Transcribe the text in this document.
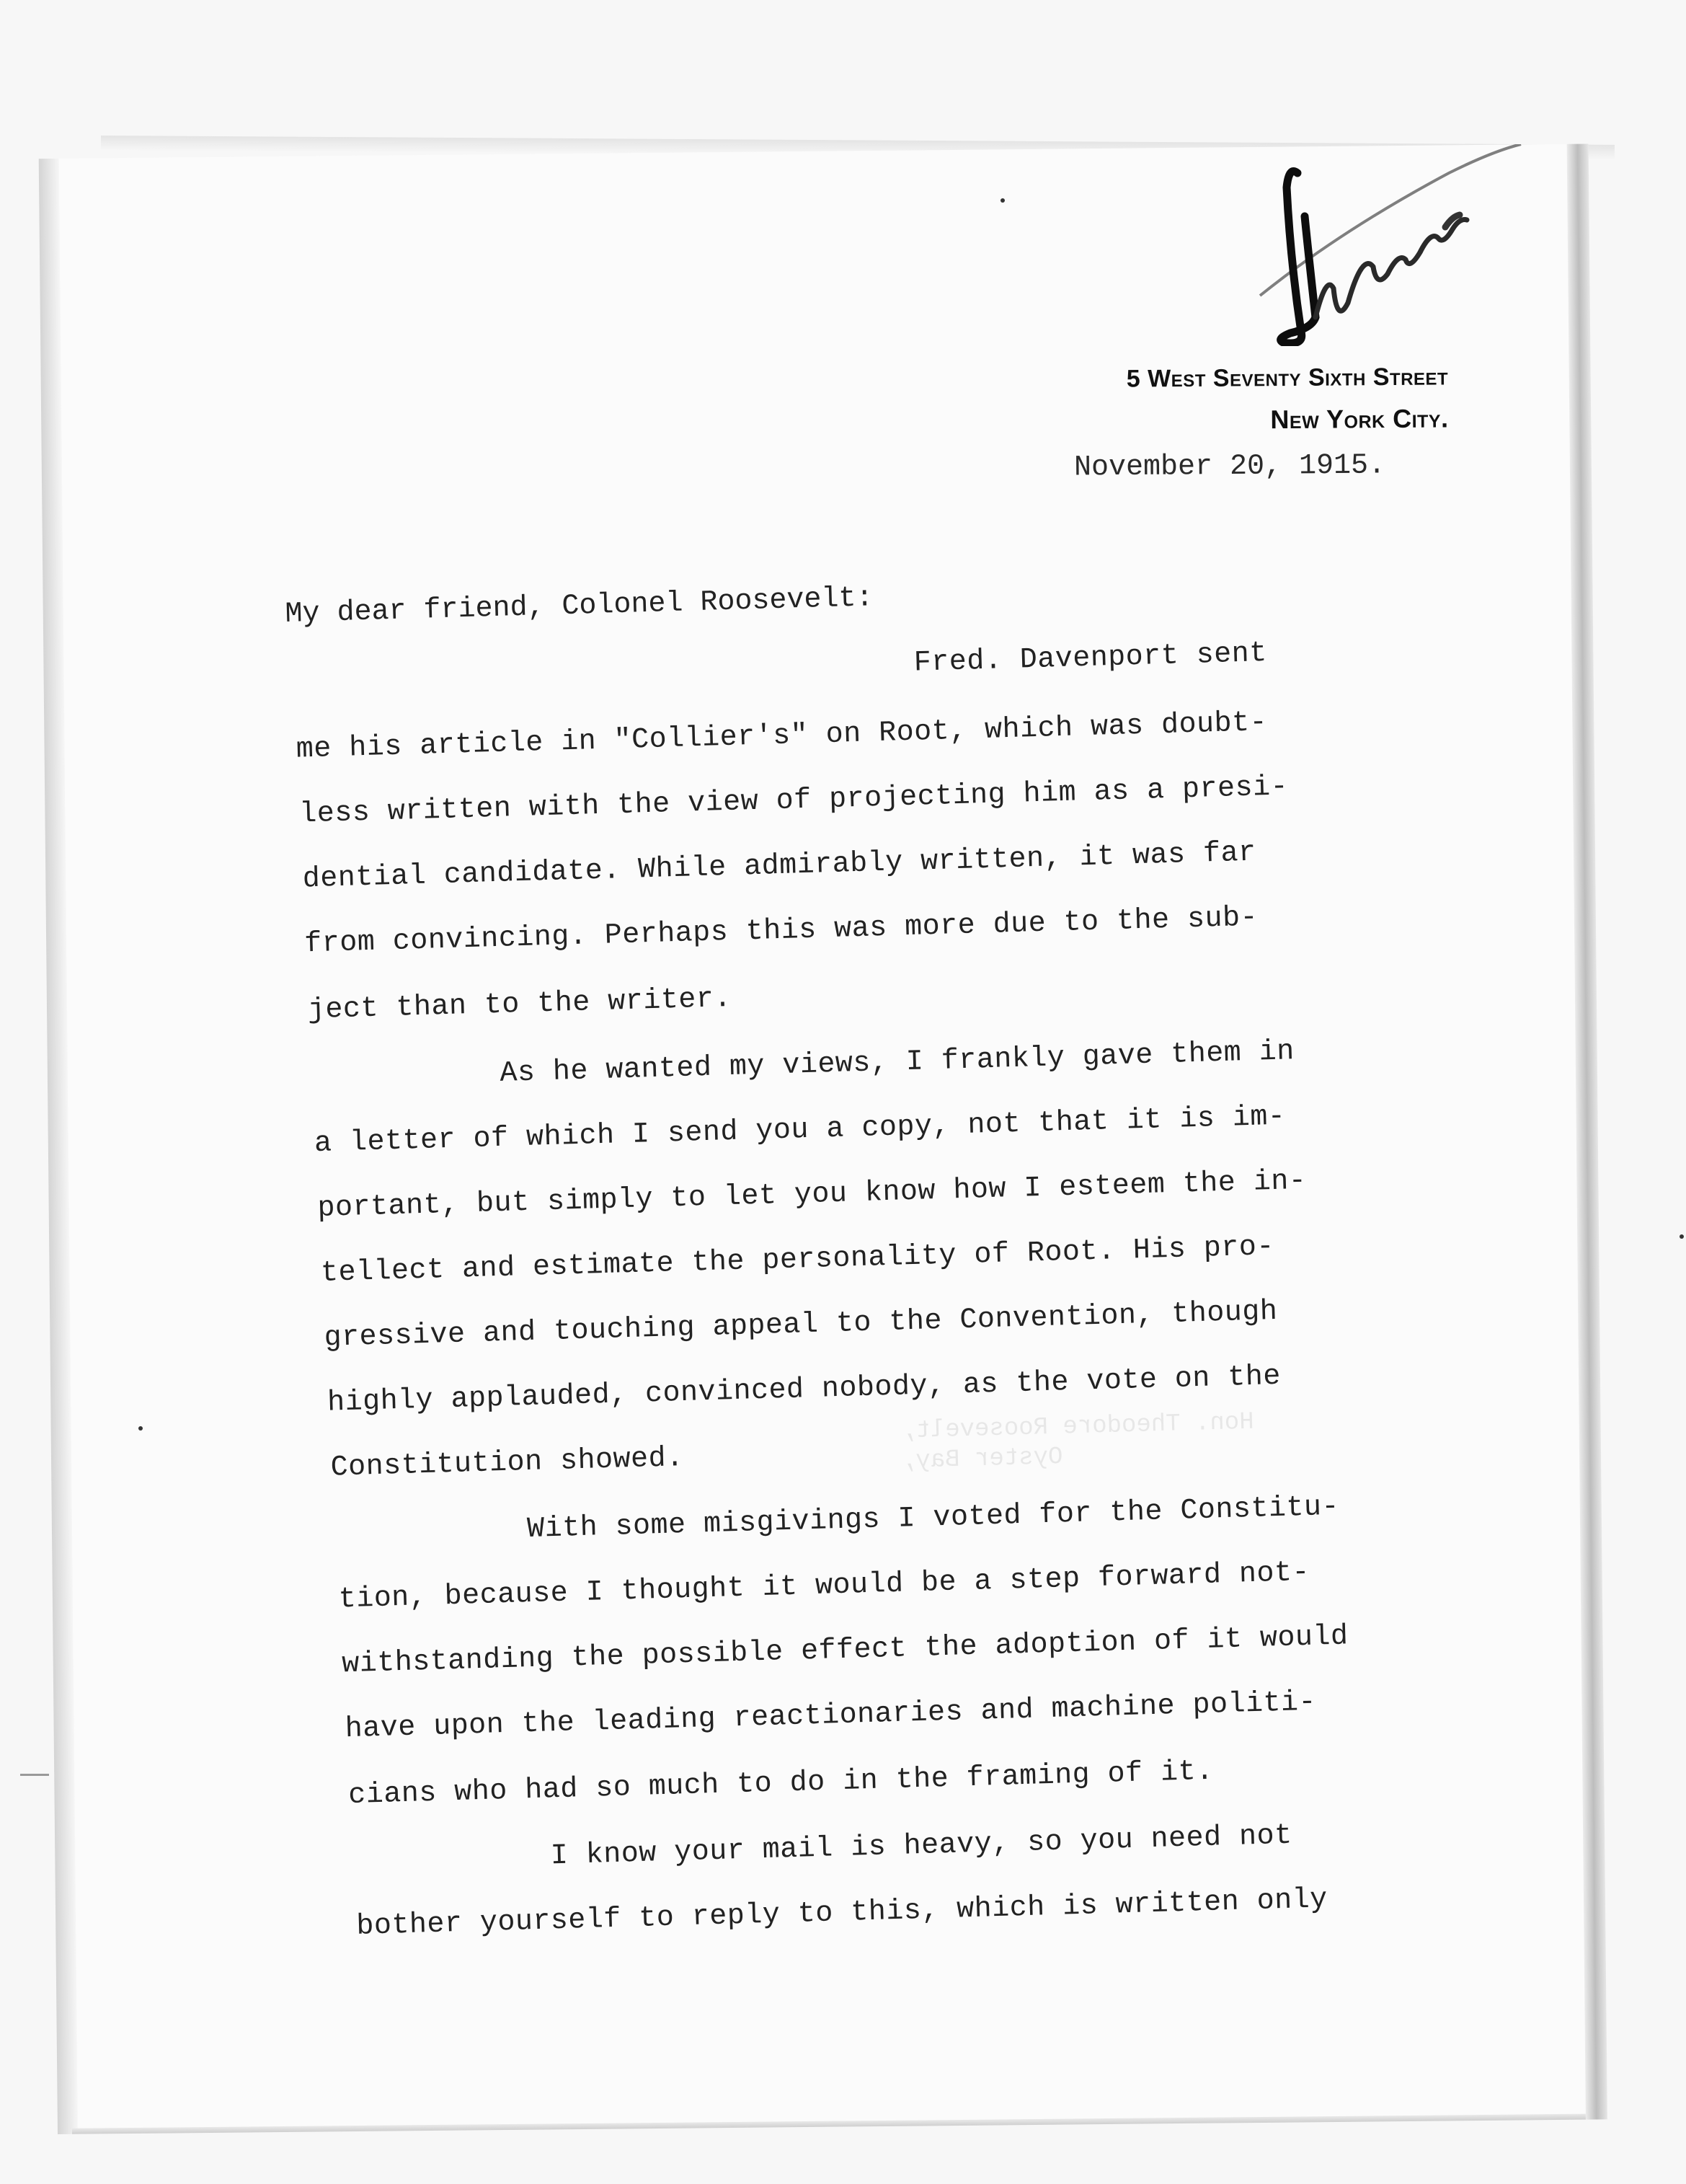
5 West Seventy Sixth Street
New York City.
November 20, 1915.
My dear friend, Colonel Roosevelt:
Fred. Davenport sent
me his article in "Collier's" on Root, which was doubt-
less written with the view of projecting him as a presi-
dential candidate. While admirably written, it was far
from convincing. Perhaps this was more due to the sub-
ject than to the writer.
As he wanted my views, I frankly gave them in
a letter of which I send you a copy, not that it is im-
portant, but simply to let you know how I esteem the in-
tellect and estimate the personality of Root. His pro-
gressive and touching appeal to the Convention, though
highly applauded, convinced nobody, as the vote on the
Constitution showed.
With some misgivings I voted for the Constitu-
tion, because I thought it would be a step forward not-
withstanding the possible effect the adoption of it would
have upon the leading reactionaries and machine politi-
cians who had so much to do in the framing of it.
I know your mail is heavy, so you need not
bother yourself to reply to this, which is written only
Hon. Theodore Roosevelt,
Oyster Bay,
